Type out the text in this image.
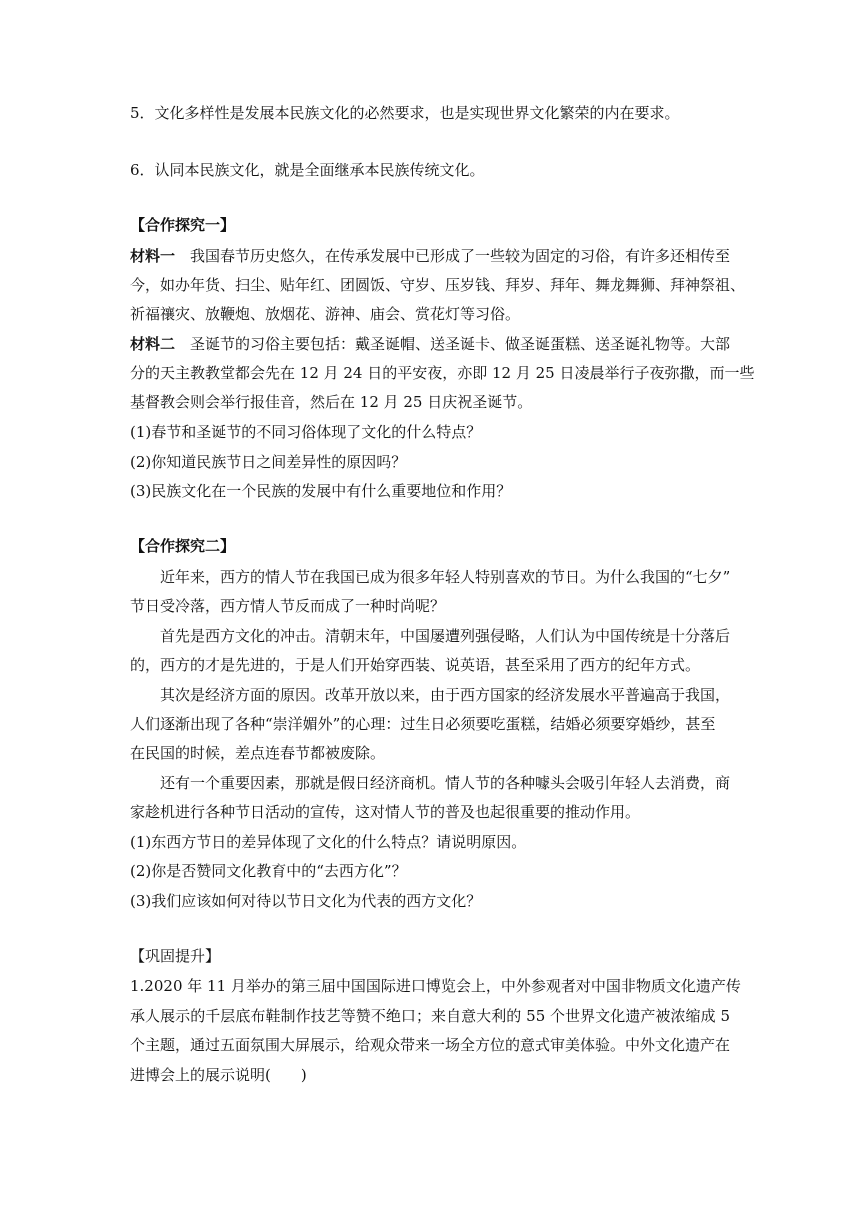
5．文化多样性是发展本民族文化的必然要求，也是实现世界文化繁荣的内在要求。
6．认同本民族文化，就是全面继承本民族传统文化。
【合作探究一】
材料一　 我国春节历史悠久，在传承发展中已形成了一些较为固定的习俗，有许多还相传至
今，如办年货、扫尘、贴年红、团圆饭、守岁、压岁钱、拜岁、拜年、舞龙舞狮、拜神祭祖、
祈福禳灾、放鞭炮、放烟花、游神、庙会、赏花灯等习俗。
材料二　 圣诞节的习俗主要包括：戴圣诞帽、送圣诞卡、做圣诞蛋糕、送圣诞礼物等。大部
分的天主教教堂都会先在 12 月 24 日的平安夜，亦即 12 月 25 日凌晨举行子夜弥撒，而一些
基督教会则会举行报佳音，然后在 12 月 25 日庆祝圣诞节。
(1)春节和圣诞节的不同习俗体现了文化的什么特点？
(2)你知道民族节日之间差异性的原因吗？
(3)民族文化在一个民族的发展中有什么重要地位和作用？
【合作探究二】
近年来，西方的情人节在我国已成为很多年轻人特别喜欢的节日。为什么我国的“七夕”
节日受冷落，西方情人节反而成了一种时尚呢？
首先是西方文化的冲击。清朝末年，中国屡遭列强侵略，人们认为中国传统是十分落后
的，西方的才是先进的，于是人们开始穿西装、说英语，甚至采用了西方的纪年方式。
其次是经济方面的原因。改革开放以来，由于西方国家的经济发展水平普遍高于我国，
人们逐渐出现了各种“崇洋媚外”的心理：过生日必须要吃蛋糕，结婚必须要穿婚纱，甚至
在民国的时候，差点连春节都被废除。
还有一个重要因素，那就是假日经济商机。情人节的各种噱头会吸引年轻人去消费，商
家趁机进行各种节日活动的宣传，这对情人节的普及也起很重要的推动作用。
(1)东西方节日的差异体现了文化的什么特点？请说明原因。
(2)你是否赞同文化教育中的“去西方化”？
(3)我们应该如何对待以节日文化为代表的西方文化？
【巩固提升】
1.2020 年 11 月举办的第三届中国国际进口博览会上，中外参观者对中国非物质文化遗产传
承人展示的千层底布鞋制作技艺等赞不绝口；来自意大利的 55 个世界文化遗产被浓缩成 5
个主题，通过五面氛围大屏展示，给观众带来一场全方位的意式审美体验。中外文化遗产在
进博会上的展示说明(　　)
